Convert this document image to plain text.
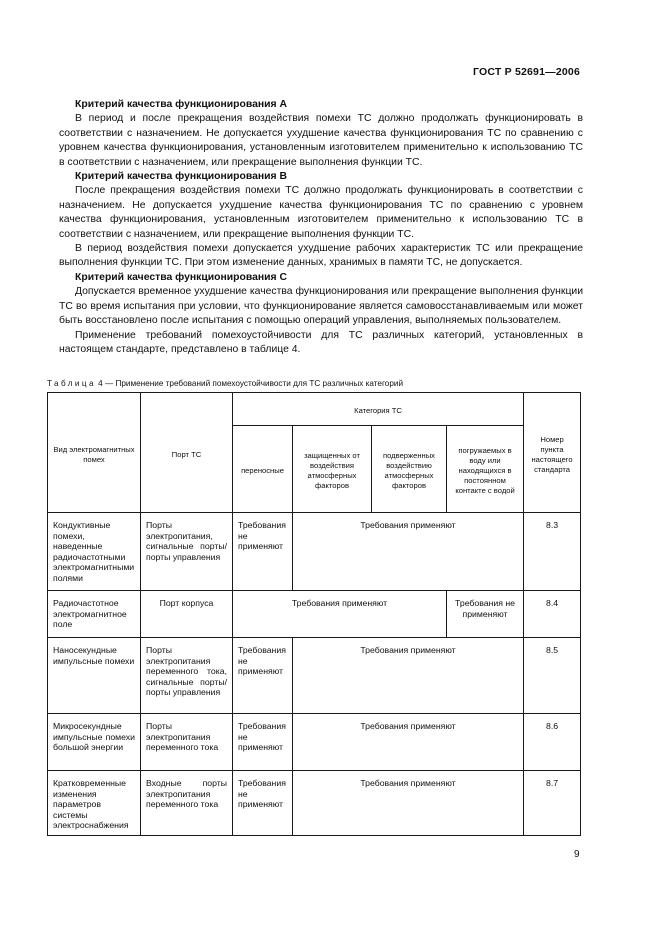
ГОСТ Р 52691—2006

Критерий качества функционирования А

В период и после прекращения воздействия помехи ТС должно продолжать функционировать в соответствии с назначением. Не допускается ухудшение качества функционирования ТС по сравнению с уровнем качества функционирования, установленным изготовителем применительно к использованию ТС в соответствии с назначением, или прекращение выполнения функции ТС.

Критерий качества функционирования В

После прекращения воздействия помехи ТС должно продолжать функционировать в соответствии с назначением. Не допускается ухудшение качества функционирования ТС по сравнению с уровнем качества функционирования, установленным изготовителем применительно к использованию ТС в соответствии с назначением, или прекращение выполнения функции ТС.

В период воздействия помехи допускается ухудшение рабочих характеристик ТС или прекращение выполнения функции ТС. При этом изменение данных, хранимых в памяти ТС, не допускается.

Критерий качества функционирования С

Допускается временное ухудшение качества функционирования или прекращение выполнения функции ТС во время испытания при условии, что функционирование является самовосстанавливаемым или может быть восстановлено после испытания с помощью операций управления, выполняемых пользователем.

Применение требований помехоустойчивости для ТС различных категорий, установленных в настоящем стандарте, представлено в таблице 4.

Таблица 4 — Применение требований помехоустойчивости для ТС различных категорий
Вид электромагнитных помех	Порт ТС	Категория ТС				Номер пункта настоящего стандарта
		переносные	защищенных от воздействия атмосферных факторов	подверженных воздействию атмосферных факторов	погружаемых в воду или находящихся в постоянном контакте с водой	
Кондуктивные помехи, наведенные радиочастотными электромагнитными полями	Порты электропитания, сигнальные порты/ порты управления	Требования не применяют	Требования применяют			8.3
Радиочастотное электромагнитное поле	Порт корпуса	Требования применяют			Требования не применяют	8.4
Наносекундные импульсные помехи	Порты электропитания переменного тока, сигнальные порты/порты управления	Требования не применяют	Требования применяют			8.5
Микросекундные импульсные помехи большой энергии	Порты электропитания переменного тока	Требования не применяют	Требования применяют			8.6
Кратковременные изменения параметров системы электроснабжения	Входные порты электропитания переменного тока	Требования не применяют	Требования применяют			8.7
9
